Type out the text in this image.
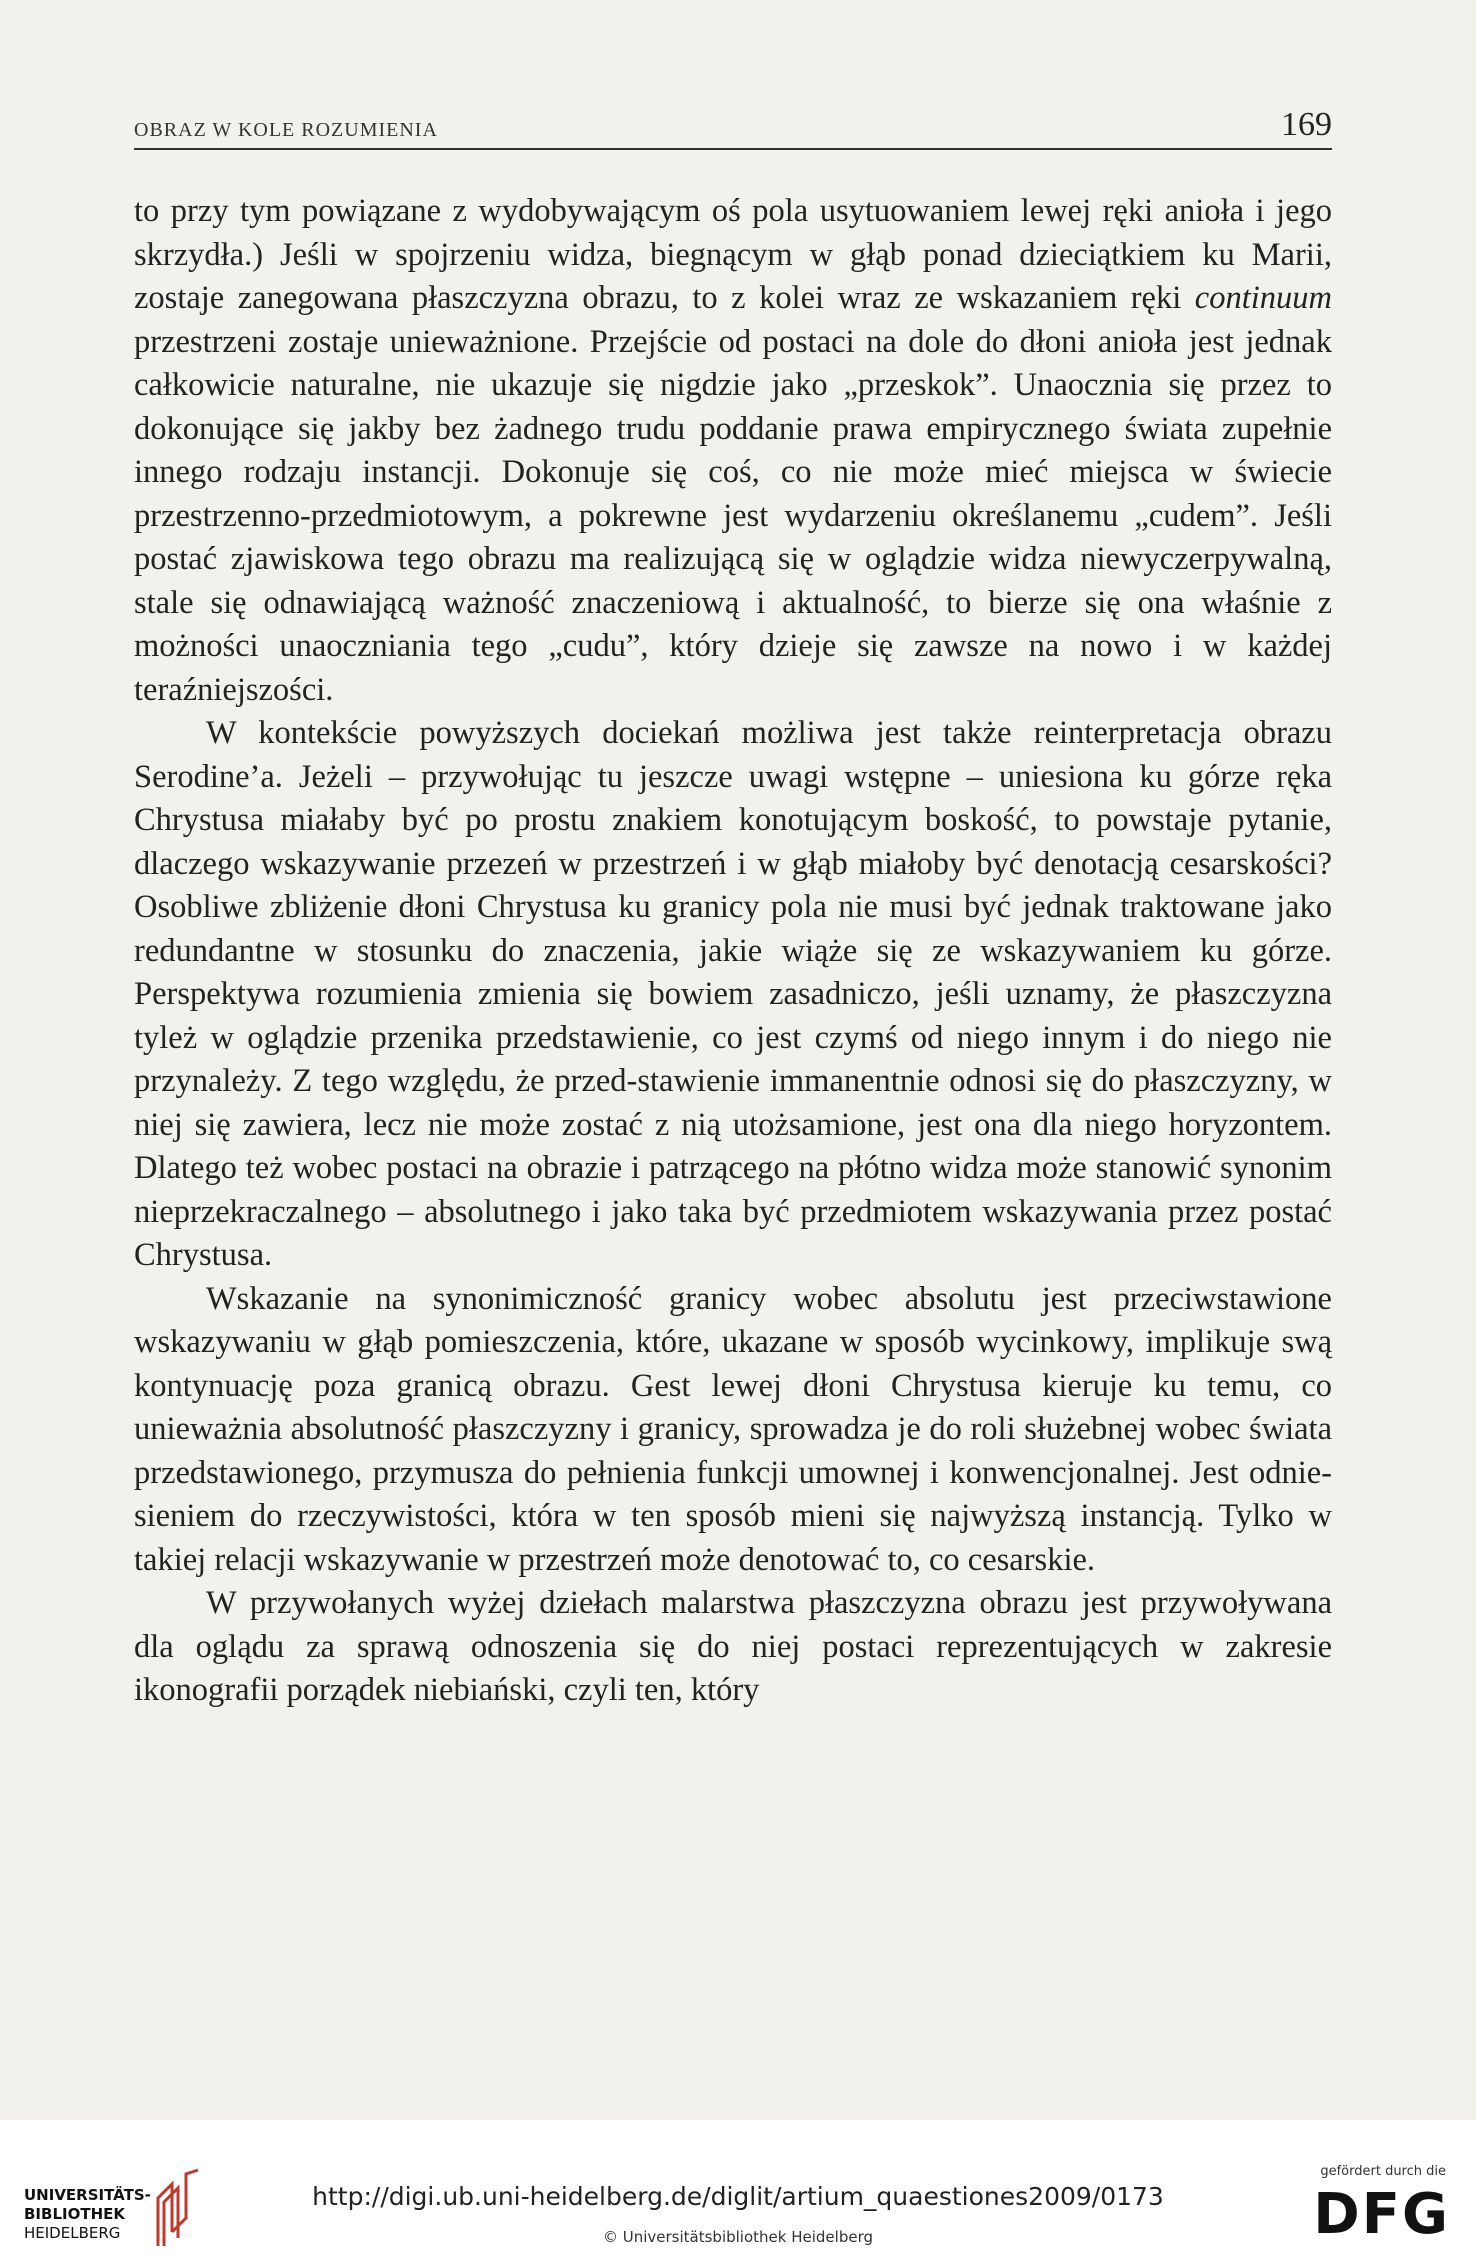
OBRAZ W KOLE ROZUMIENIA	169

to przy tym powiązane z wydobywającym oś pola usytuowaniem lewej ręki anioła i jego skrzydła.) Jeśli w spojrzeniu widza, biegnącym w głąb ponad dzieciątkiem ku Marii, zostaje zanegowana płaszczyzna obrazu, to z kolei wraz ze wskazaniem ręki continuum przestrzeni zostaje unieważnione. Przejście od postaci na dole do dłoni anioła jest jednak całkowicie naturalne, nie ukazuje się nigdzie jako „przeskok”. Unaocznia się przez to dokonujące się jakby bez żadnego trudu poddanie prawa empirycznego świata zupełnie innego rodzaju instancji. Dokonuje się coś, co nie może mieć miejsca w świecie przestrzenno-przedmiotowym, a pokrewne jest wydarzeniu określanemu „cudem”. Jeśli postać zjawiskowa tego obrazu ma realizującą się w oglądzie widza niewyczerpywalną, stale się odnawiającą ważność znaczeniową i aktualność, to bierze się ona właśnie z możności unaoczniania tego „cudu”, który dzieje się zawsze na nowo i w każdej teraźniejszości.

W kontekście powyższych dociekań możliwa jest także reinterpretacja obrazu Serodine’a. Jeżeli – przywołując tu jeszcze uwagi wstępne – uniesiona ku górze ręka Chrystusa miałaby być po prostu znakiem konotującym boskość, to powstaje pytanie, dlaczego wskazywanie przezeń w przestrzeń i w głąb miałoby być denotacją cesarskości? Osobliwe zbliżenie dłoni Chrystusa ku granicy pola nie musi być jednak traktowane jako redundantne w stosunku do znaczenia, jakie wiąże się ze wskazywaniem ku górze. Perspektywa rozumienia zmienia się bowiem zasadniczo, jeśli uznamy, że płaszczyzna tyleż w oglądzie przenika przedstawienie, co jest czymś od niego innym i do niego nie przynależy. Z tego względu, że przed-stawienie immanentnie odnosi się do płaszczyzny, w niej się zawiera, lecz nie może zostać z nią utożsamione, jest ona dla niego horyzontem. Dlatego też wobec postaci na obrazie i patrzącego na płótno widza może stanowić synonim nieprzekraczalnego – absolutnego i jako taka być przedmiotem wskazywania przez postać Chrystusa.

Wskazanie na synonimiczność granicy wobec absolutu jest przeciwstawione wskazywaniu w głąb pomieszczenia, które, ukazane w sposób wycinkowy, implikuje swą kontynuację poza granicą obrazu. Gest lewej dłoni Chrystusa kieruje ku temu, co unieważnia absolutność płaszczyzny i granicy, sprowadza je do roli służebnej wobec świata przedstawionego, przymusza do pełnienia funkcji umownej i konwencjonalnej. Jest odniesieniem do rzeczywistości, która w ten sposób mieni się najwyższą instancją. Tylko w takiej relacji wskazywanie w przestrzeń może denotować to, co cesarskie.

W przywołanych wyżej dziełach malarstwa płaszczyzna obrazu jest przywoływana dla oglądu za sprawą odnoszenia się do niej postaci reprezentujących w zakresie ikonografii porządek niebiański, czyli ten, który

UNIVERSITÄTS-
BIBLIOTHEK
HEIDELBERG
http://digi.ub.uni-heidelberg.de/diglit/artium_quaestiones2009/0173
© Universitätsbibliothek Heidelberg
gefördert durch die
DFG
